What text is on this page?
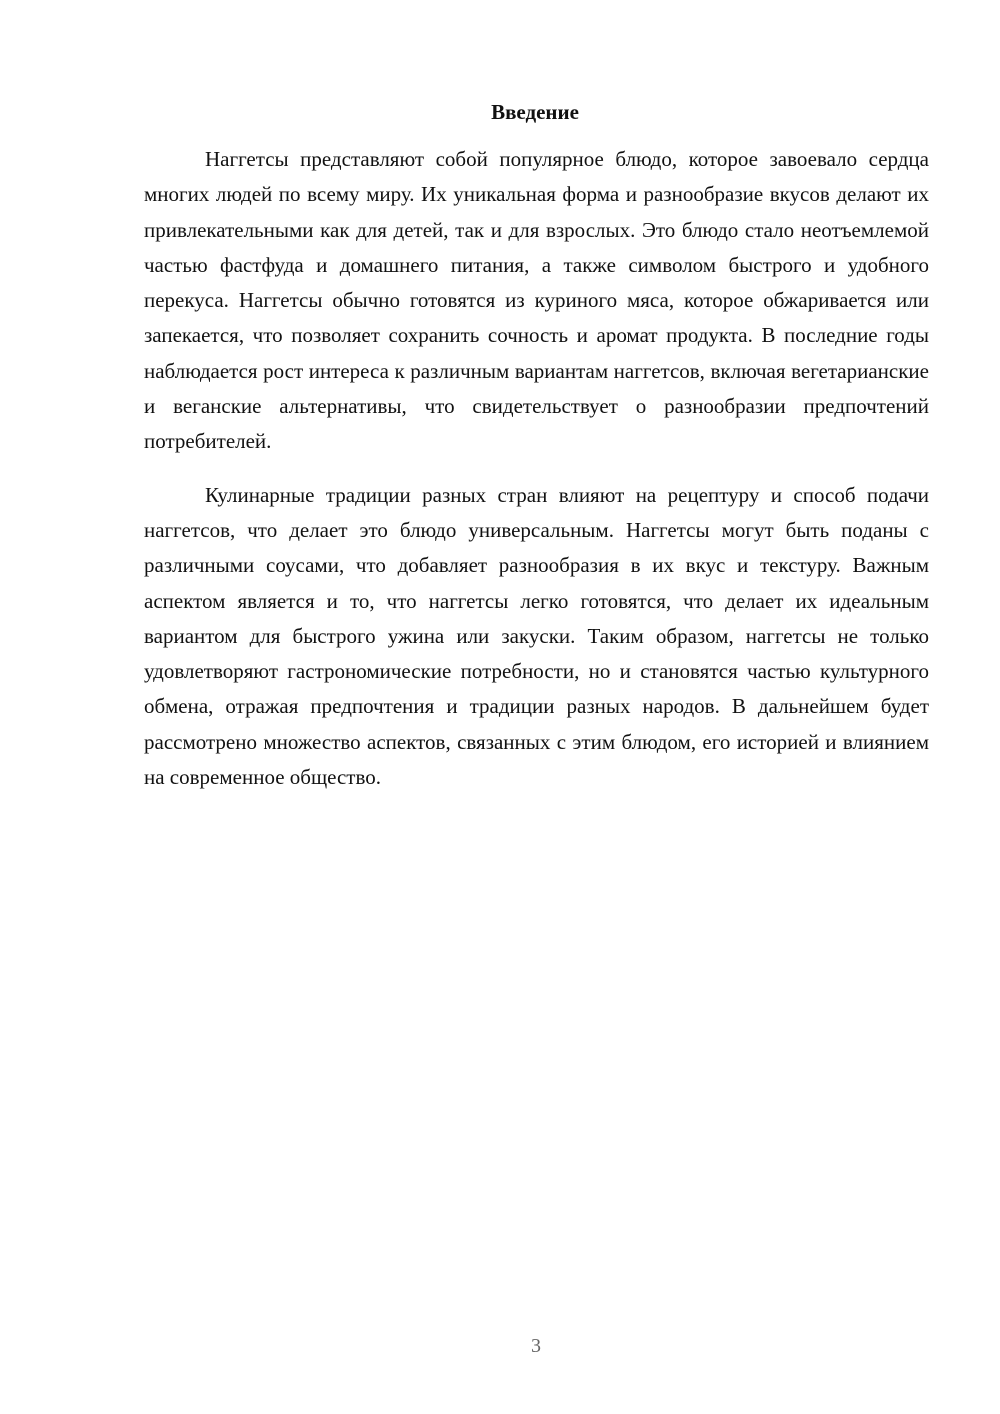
Введение

Наггетсы представляют собой популярное блюдо, которое завоевало сердца многих людей по всему миру. Их уникальная форма и разнообразие вкусов делают их привлекательными как для детей, так и для взрослых. Это блюдо стало неотъемлемой частью фастфуда и домашнего питания, а также символом быстрого и удобного перекуса. Наггетсы обычно готовятся из куриного мяса, которое обжаривается или запекается, что позволяет сохранить сочность и аромат продукта. В последние годы наблюдается рост интереса к различным вариантам наггетсов, включая вегетарианские и веганские альтернативы, что свидетельствует о разнообразии предпочтений потребителей.

Кулинарные традиции разных стран влияют на рецептуру и способ подачи наггетсов, что делает это блюдо универсальным. Наггетсы могут быть поданы с различными соусами, что добавляет разнообразия в их вкус и текстуру. Важным аспектом является и то, что наггетсы легко готовятся, что делает их идеальным вариантом для быстрого ужина или закуски. Таким образом, наггетсы не только удовлетворяют гастрономические потребности, но и становятся частью культурного обмена, отражая предпочтения и традиции разных народов. В дальнейшем будет рассмотрено множество аспектов, связанных с этим блюдом, его историей и влиянием на современное общество.

3
